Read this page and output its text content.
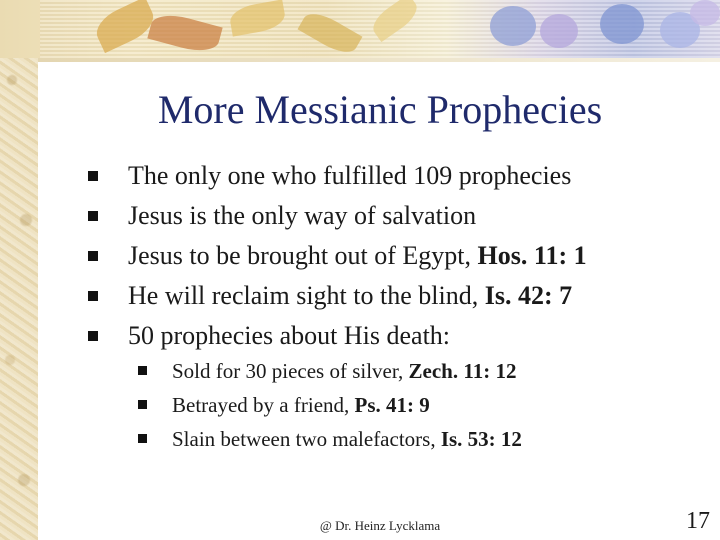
More Messianic Prophecies
The only one who fulfilled 109 prophecies
Jesus is the only way of salvation
Jesus to be brought out of Egypt, Hos. 11: 1
He will reclaim sight to the blind, Is. 42: 7
50 prophecies about His death:
Sold for 30 pieces of silver, Zech. 11: 12
Betrayed by a friend, Ps. 41: 9
Slain between two malefactors, Is. 53: 12
@ Dr. Heinz Lycklama	17
